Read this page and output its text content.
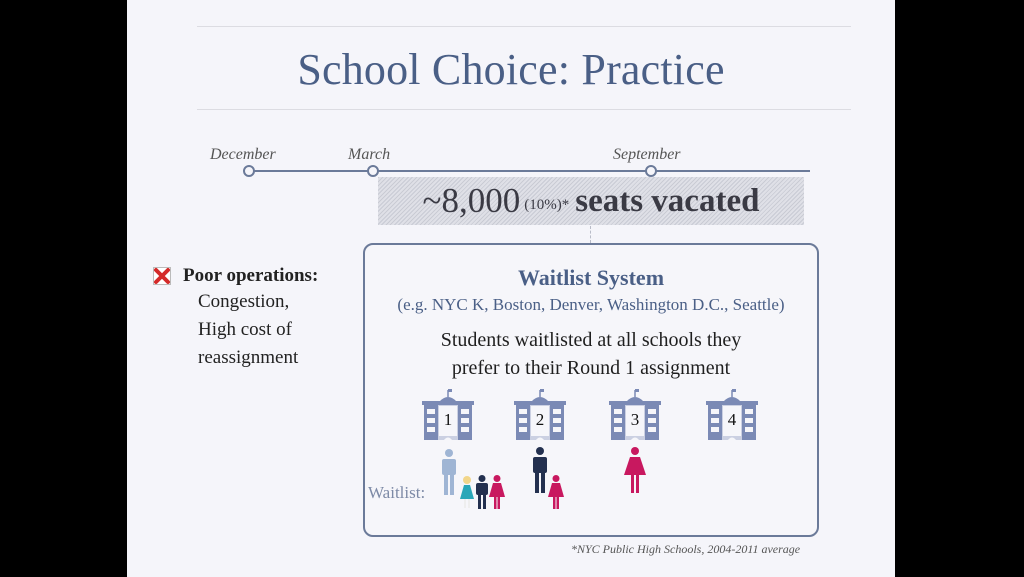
School Choice: Practice
December	March	September
~8,000 (10%)* seats vacated
Poor operations:
Congestion,
High cost of
reassignment
Waitlist System
(e.g. NYC K, Boston, Denver, Washington D.C., Seattle)
Students waitlisted at all schools they
prefer to their Round 1 assignment
1	2	3	4
Waitlist:
*NYC Public High Schools, 2004-2011 average
